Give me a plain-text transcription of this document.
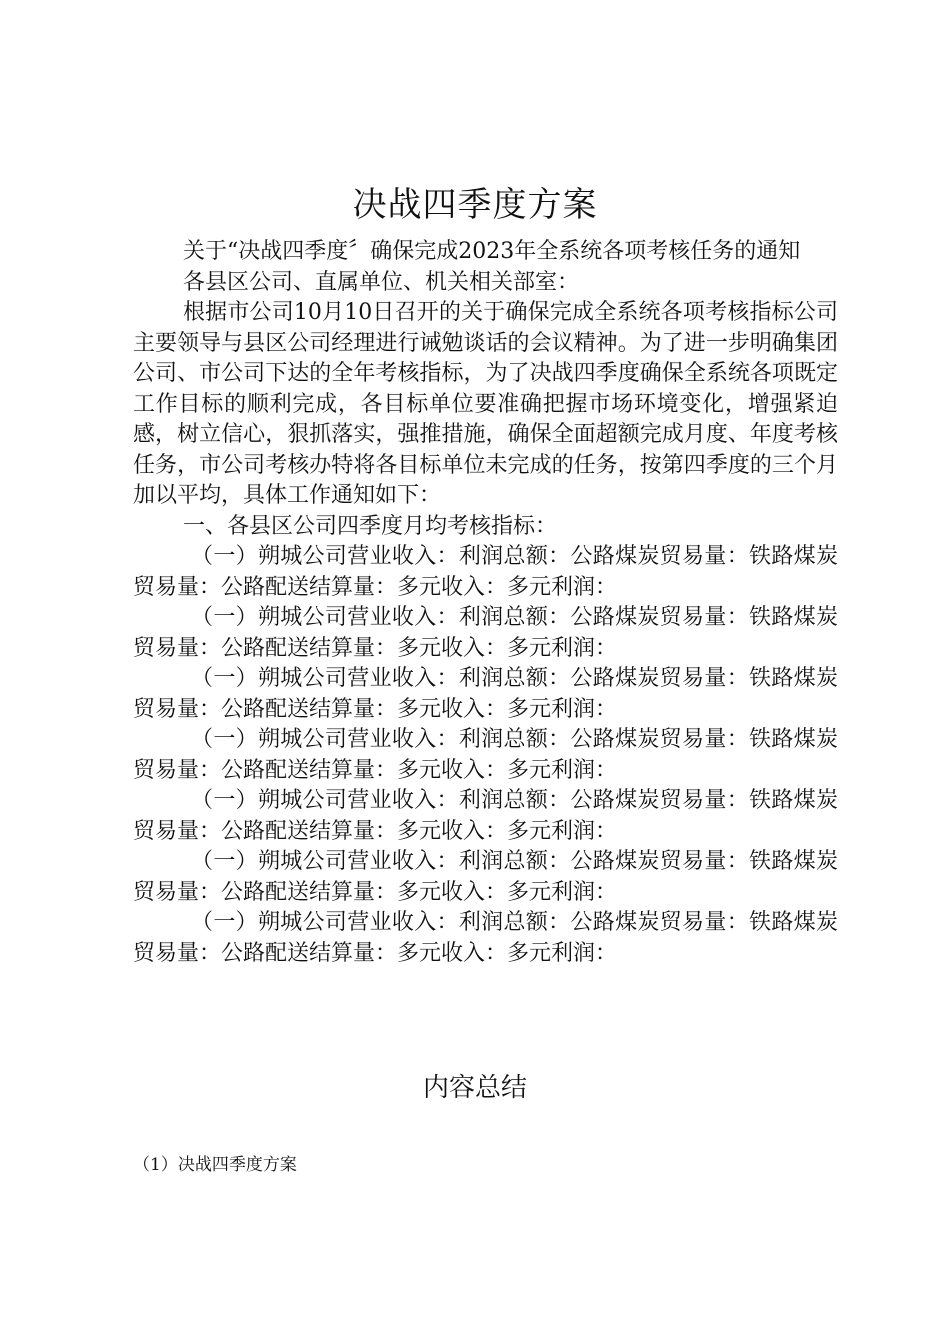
决战四季度方案

关于“决战四季度〞确保完成2023年全系统各项考核任务的通知

各县区公司、直属单位、机关相关部室：

根据市公司10月10日召开的关于确保完成全系统各项考核指标公司主要领导与县区公司经理进行诫勉谈话的会议精神。为了进一步明确集团公司、市公司下达的全年考核指标，为了决战四季度确保全系统各项既定工作目标的顺利完成，各目标单位要准确把握市场环境变化，增强紧迫感，树立信心，狠抓落实，强推措施，确保全面超额完成月度、年度考核任务，市公司考核办特将各目标单位未完成的任务，按第四季度的三个月加以平均，具体工作通知如下：

一、各县区公司四季度月均考核指标：

（一）朔城公司营业收入：利润总额：公路煤炭贸易量：铁路煤炭贸易量：公路配送结算量：多元收入：多元利润：

（一）朔城公司营业收入：利润总额：公路煤炭贸易量：铁路煤炭贸易量：公路配送结算量：多元收入：多元利润：

（一）朔城公司营业收入：利润总额：公路煤炭贸易量：铁路煤炭贸易量：公路配送结算量：多元收入：多元利润：

（一）朔城公司营业收入：利润总额：公路煤炭贸易量：铁路煤炭贸易量：公路配送结算量：多元收入：多元利润：

（一）朔城公司营业收入：利润总额：公路煤炭贸易量：铁路煤炭贸易量：公路配送结算量：多元收入：多元利润：

（一）朔城公司营业收入：利润总额：公路煤炭贸易量：铁路煤炭贸易量：公路配送结算量：多元收入：多元利润：

（一）朔城公司营业收入：利润总额：公路煤炭贸易量：铁路煤炭贸易量：公路配送结算量：多元收入：多元利润：

内容总结
（1）决战四季度方案
